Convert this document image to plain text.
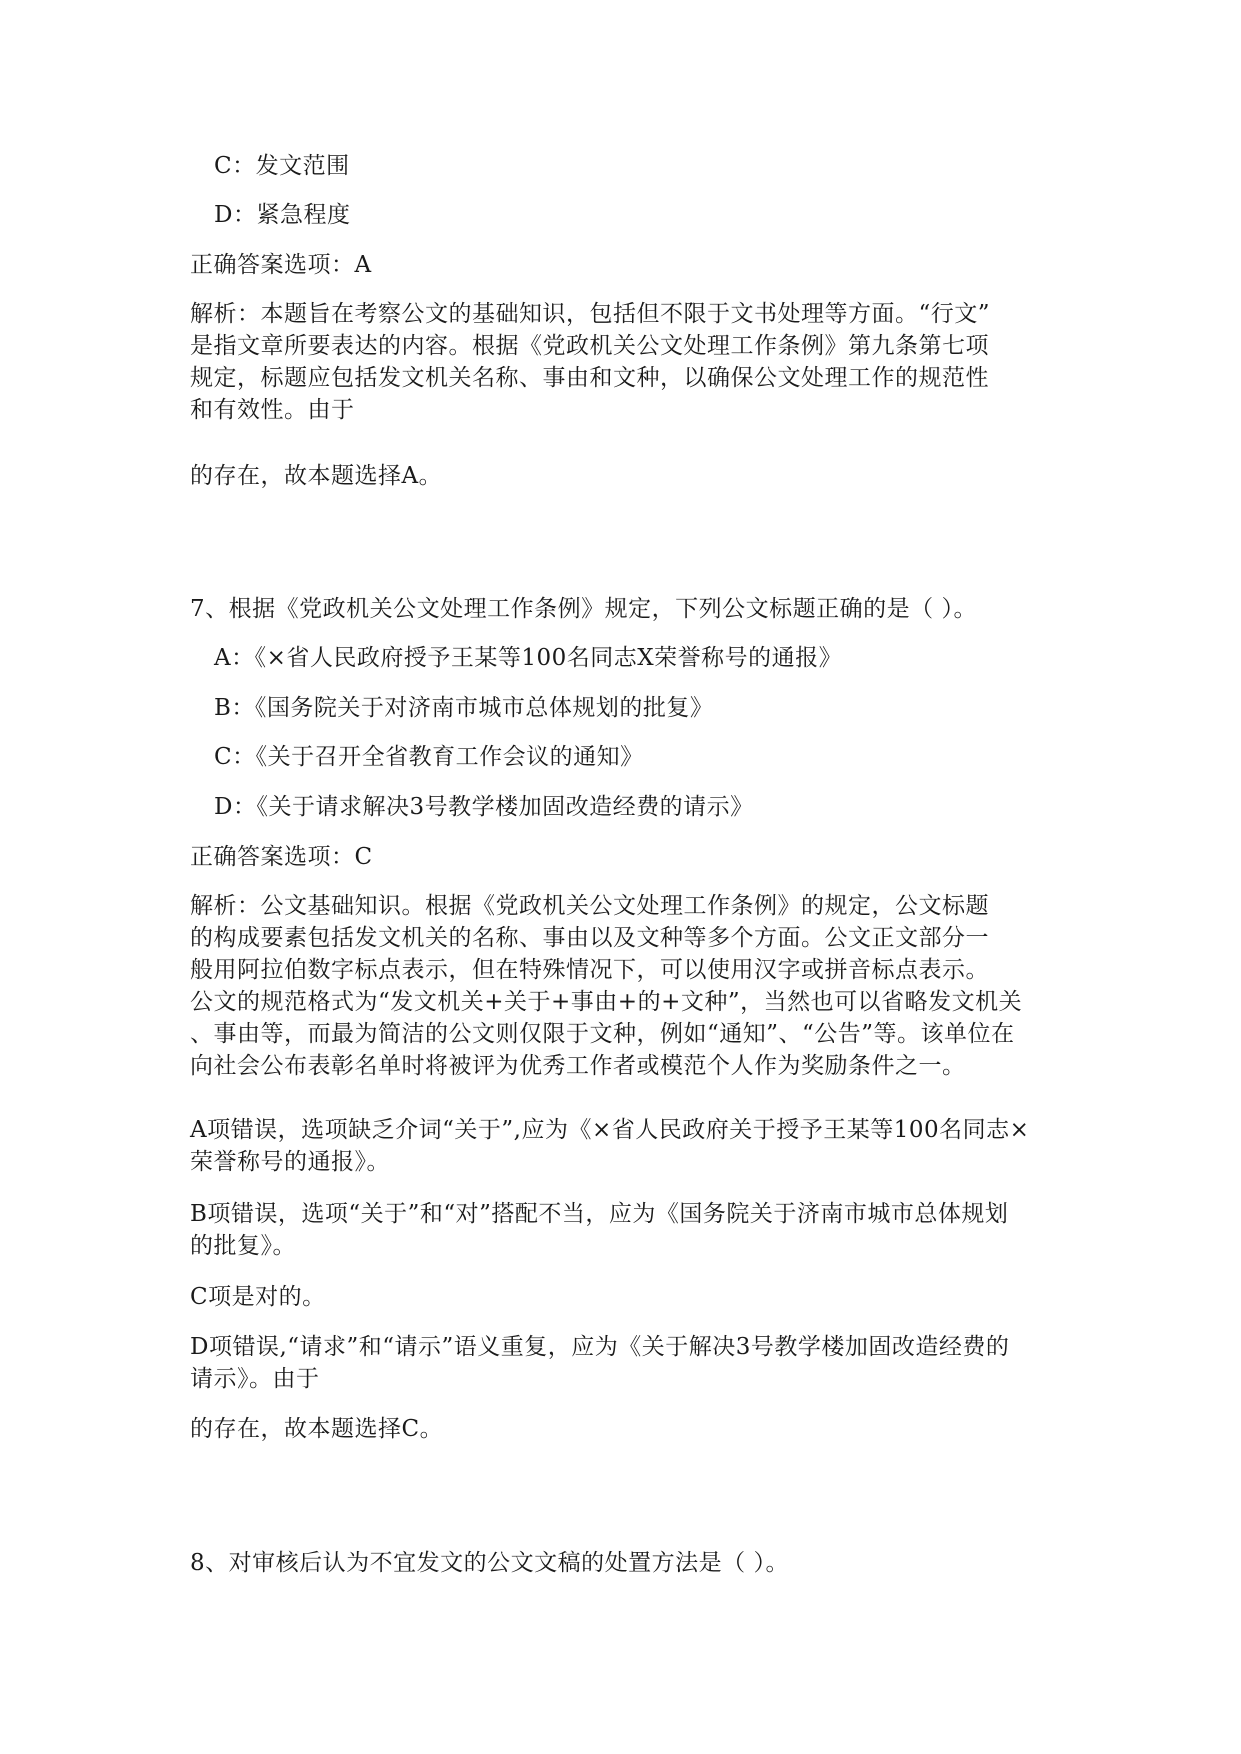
C：发文范围
D：紧急程度
正确答案选项：A
解析：本题旨在考察公文的基础知识，包括但不限于文书处理等方面。“行文”
是指文章所要表达的内容。根据《党政机关公文处理工作条例》第九条第七项
规定，标题应包括发文机关名称、事由和文种，以确保公文处理工作的规范性
和有效性。由于
的存在，故本题选择A。
7、根据《党政机关公文处理工作条例》规定，下列公文标题正确的是（ ）。
A：《×省人民政府授予王某等100名同志X荣誉称号的通报》
B：《国务院关于对济南市城市总体规划的批复》
C：《关于召开全省教育工作会议的通知》
D：《关于请求解决3号教学楼加固改造经费的请示》
正确答案选项：C
解析：公文基础知识。根据《党政机关公文处理工作条例》的规定，公文标题
的构成要素包括发文机关的名称、事由以及文种等多个方面。公文正文部分一
般用阿拉伯数字标点表示，但在特殊情况下，可以使用汉字或拼音标点表示。
公文的规范格式为“发文机关+关于+事由+的+文种”，当然也可以省略发文机关
、事由等，而最为简洁的公文则仅限于文种，例如“通知”、“公告”等。该单位在
向社会公布表彰名单时将被评为优秀工作者或模范个人作为奖励条件之一。
A项错误，选项缺乏介词“关于”,应为《×省人民政府关于授予王某等100名同志×
荣誉称号的通报》。
B项错误，选项“关于”和“对”搭配不当，应为《国务院关于济南市城市总体规划
的批复》。
C项是对的。
D项错误,“请求”和“请示”语义重复，应为《关于解决3号教学楼加固改造经费的
请示》。由于
的存在，故本题选择C。
8、对审核后认为不宜发文的公文文稿的处置方法是（ ）。
